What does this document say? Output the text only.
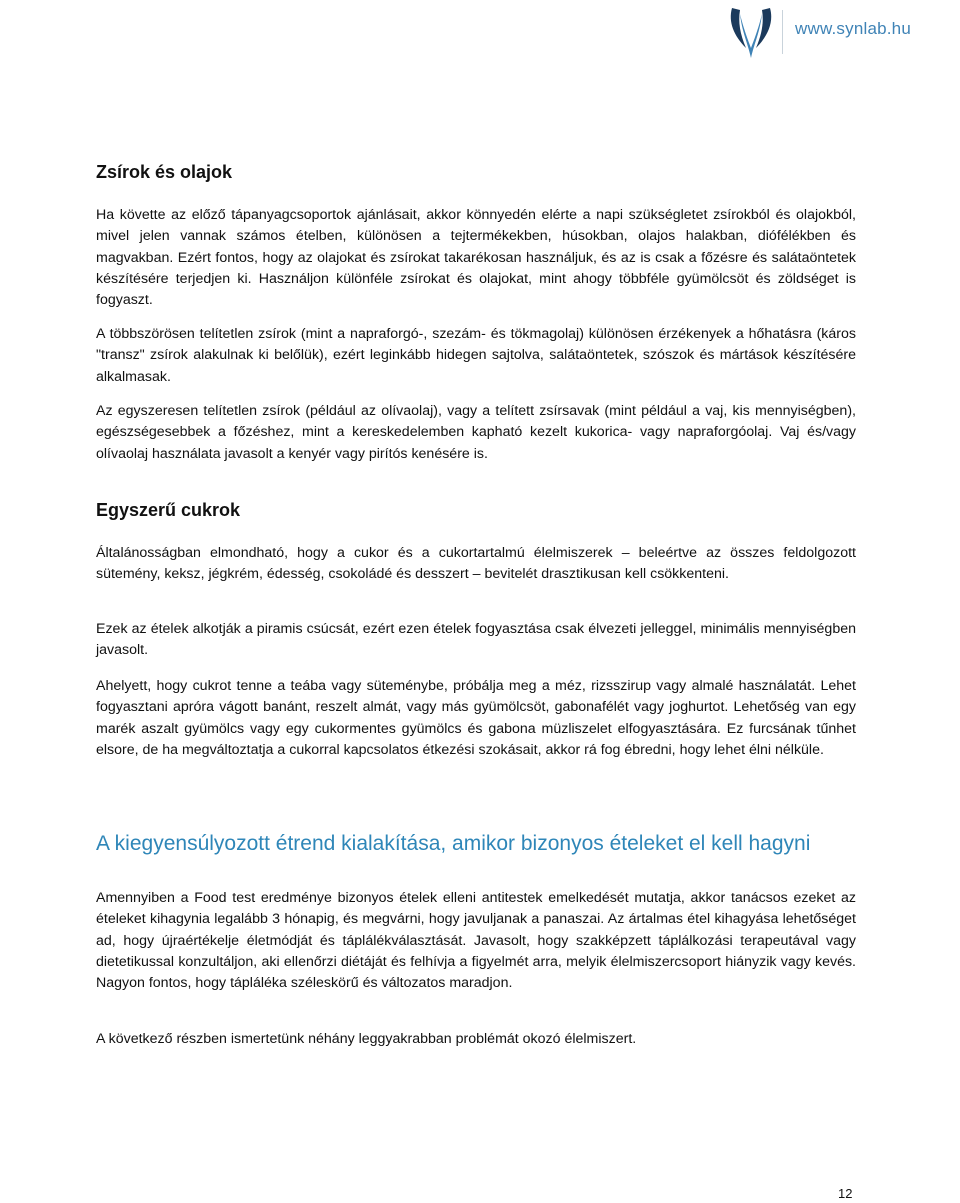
www.synlab.hu
Zsírok és olajok

Ha követte az előző tápanyagcsoportok ajánlásait, akkor könnyedén elérte a napi szükségletet zsírokból és olajokból, mivel jelen vannak számos ételben, különösen a tejtermékekben, húsokban, olajos halakban, diófélékben és magvakban. Ezért fontos, hogy az olajokat és zsírokat takarékosan használjuk, és az is csak a főzésre és salátaöntetek készítésére terjedjen ki. Használjon különféle zsírokat és olajokat, mint ahogy többféle gyümölcsöt és zöldséget is fogyaszt.

A többszörösen telítetlen zsírok (mint a napraforgó-, szezám- és tökmagolaj) különösen érzékenyek a hőhatásra (káros "transz" zsírok alakulnak ki belőlük), ezért leginkább hidegen sajtolva, salátaöntetek, szószok és mártások készítésére alkalmasak.

Az egyszeresen telítetlen zsírok (például az olívaolaj), vagy a telített zsírsavak (mint például a vaj, kis mennyiségben), egészségesebbek a főzéshez, mint a kereskedelemben kapható kezelt kukorica- vagy napraforgóolaj. Vaj és/vagy olívaolaj használata javasolt a kenyér vagy pirítós kenésére is.

Egyszerű cukrok

Általánosságban elmondható, hogy a cukor és a cukortartalmú élelmiszerek – beleértve az összes feldolgozott sütemény, keksz, jégkrém, édesség, csokoládé és desszert – bevitelét drasztikusan kell csökkenteni.

Ezek az ételek alkotják a piramis csúcsát, ezért ezen ételek fogyasztása csak élvezeti jelleggel, minimális mennyiségben javasolt.

Ahelyett, hogy cukrot tenne a teába vagy süteménybe, próbálja meg a méz, rizsszirup vagy almalé használatát. Lehet fogyasztani apróra vágott banánt, reszelt almát, vagy más gyümölcsöt, gabonafélét vagy joghurtot. Lehetőség van egy marék aszalt gyümölcs vagy egy cukormentes gyümölcs és gabona müzliszelet elfogyasztására. Ez furcsának tűnhet elsore, de ha megváltoztatja a cukorral kapcsolatos étkezési szokásait, akkor rá fog ébredni, hogy lehet élni nélküle.

A kiegyensúlyozott étrend kialakítása, amikor bizonyos ételeket el kell hagyni

Amennyiben a Food test eredménye bizonyos ételek elleni antitestek emelkedését mutatja, akkor tanácsos ezeket az ételeket kihagynia legalább 3 hónapig, és megvárni, hogy javuljanak a panaszai. Az ártalmas étel kihagyása lehetőséget ad, hogy újraértékelje életmódját és táplálékválasztását. Javasolt, hogy szakképzett táplálkozási terapeutával vagy dietetikussal konzultáljon, aki ellenőrzi diétáját és felhívja a figyelmét arra, melyik élelmiszercsoport hiányzik vagy kevés. Nagyon fontos, hogy tápláléka széleskörű és változatos maradjon.

A következő részben ismertetünk néhány leggyakrabban problémát okozó élelmiszert.

12
